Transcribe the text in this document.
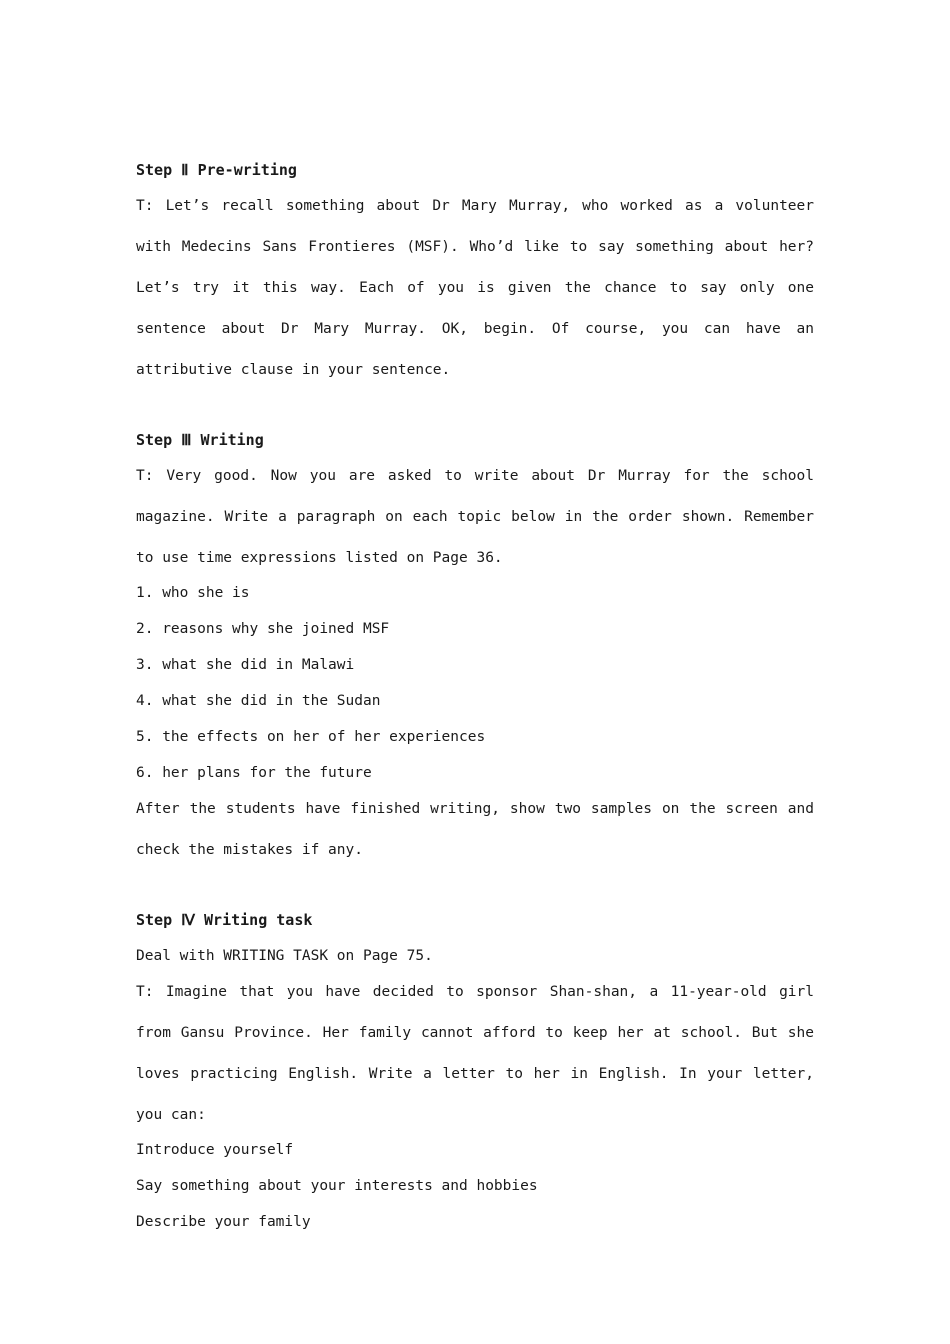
Step Ⅱ Pre-writing

T: Let’s recall something about Dr Mary Murray, who worked as a volunteer with Medecins Sans Frontieres (MSF). Who’d like to say something about her? Let’s try it this way. Each of you is given the chance to say only one sentence about Dr Mary Murray. OK, begin. Of course, you can have an attributive clause in your sentence.

Step Ⅲ Writing

T: Very good. Now you are asked to write about Dr Murray for the school magazine. Write a paragraph on each topic below in the order shown. Remember to use time expressions listed on Page 36.

1. who she is
2. reasons why she joined MSF
3. what she did in Malawi
4. what she did in the Sudan
5. the effects on her of her experiences
6. her plans for the future

After the students have finished writing, show two samples on the screen and check the mistakes if any.

Step Ⅳ Writing task
Deal with WRITING TASK on Page 75.

T: Imagine that you have decided to sponsor Shan-shan, a 11-year-old girl from Gansu Province. Her family cannot afford to keep her at school. But she loves practicing English. Write a letter to her in English. In your letter, you can:

Introduce yourself
Say something about your interests and hobbies
Describe your family
